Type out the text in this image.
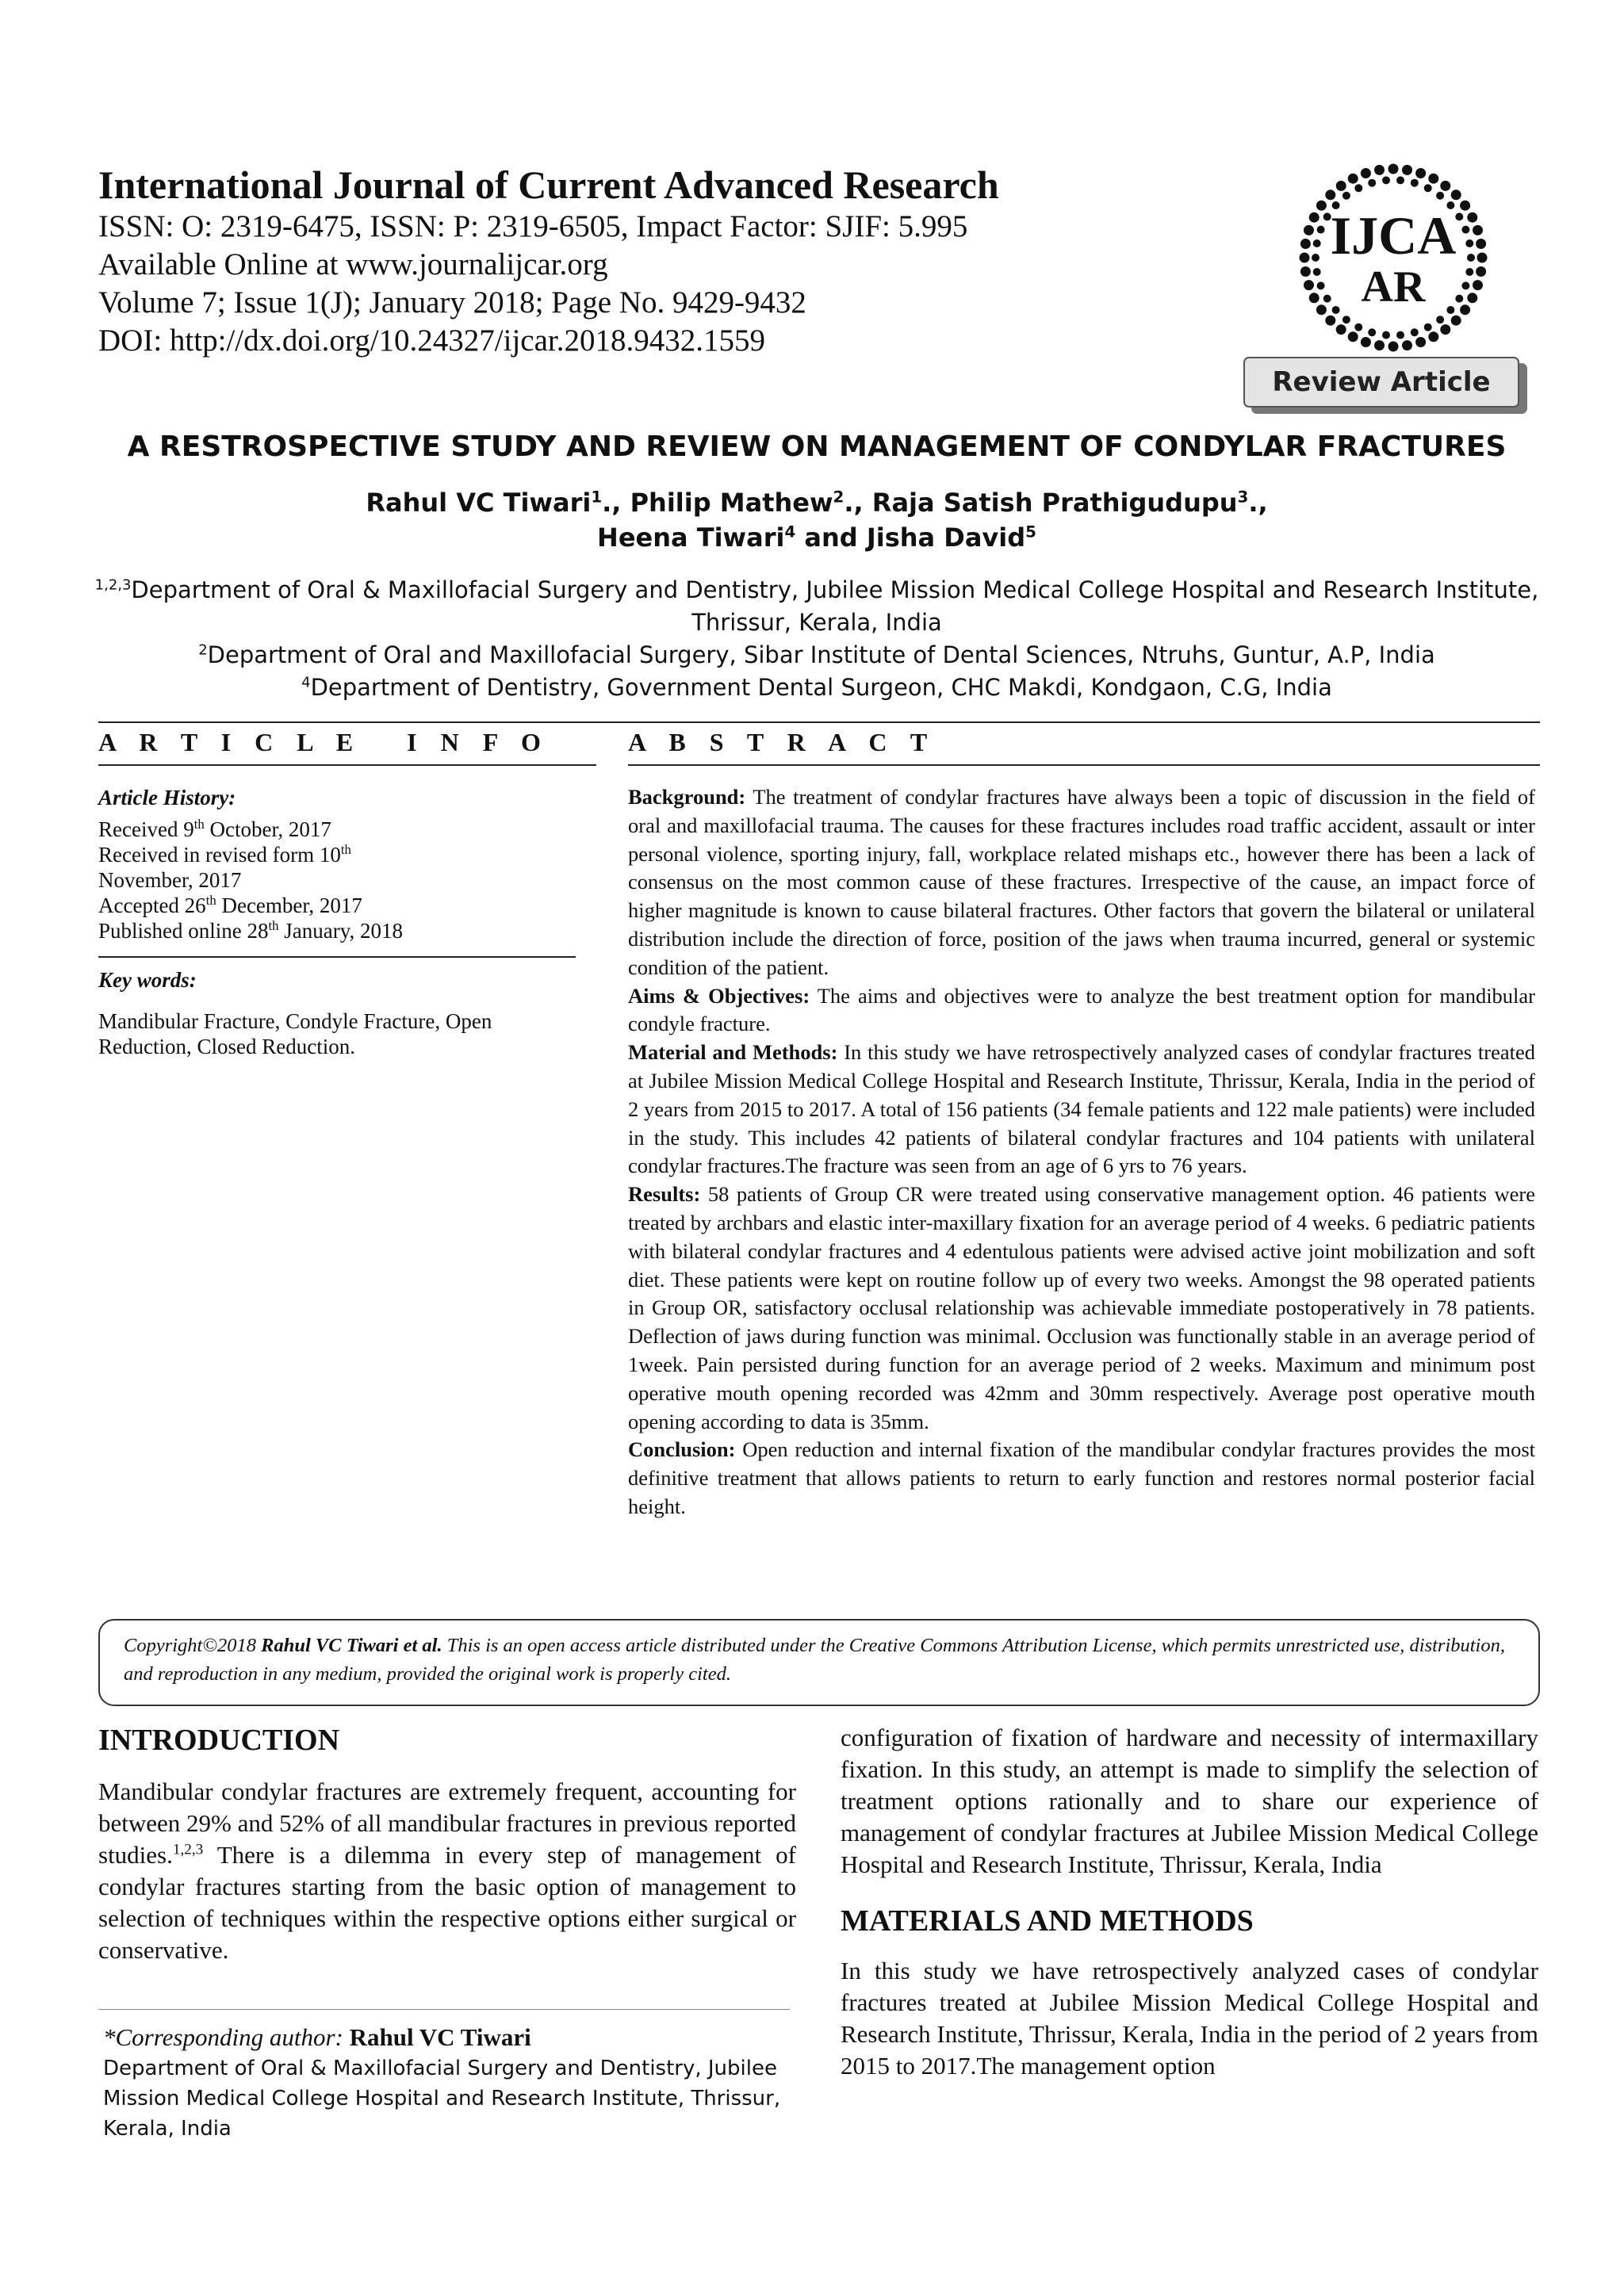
International Journal of Current Advanced Research
ISSN: O: 2319-6475, ISSN: P: 2319-6505, Impact Factor: SJIF: 5.995
Available Online at www.journalijcar.org
Volume 7; Issue 1(J); January 2018; Page No. 9429-9432
DOI: http://dx.doi.org/10.24327/ijcar.2018.9432.1559
IJCA
AR
Review Article
A RESTROSPECTIVE STUDY AND REVIEW ON MANAGEMENT OF CONDYLAR FRACTURES
Rahul VC Tiwari$^1$., Philip Mathew$^2$., Raja Satish Prathigudupu$^3$.,
Heena Tiwari$^4$ and Jisha David$^5$
$^{1,2,3}$Department of Oral & Maxillofacial Surgery and Dentistry, Jubilee Mission Medical College Hospital and Research Institute, Thrissur, Kerala, India
$^2$Department of Oral and Maxillofacial Surgery, Sibar Institute of Dental Sciences, Ntruhs, Guntur, A.P, India
$^4$Department of Dentistry, Government Dental Surgeon, CHC Makdi, Kondgaon, C.G, India
A R T I C L E   I N F O	A B S T R A C T
Article History:
Received 9th October, 2017
Received in revised form 10th
November, 2017
Accepted 26th December, 2017
Published online 28th January, 2018
Key words:
Mandibular Fracture, Condyle Fracture, Open Reduction, Closed Reduction.

Background: The treatment of condylar fractures have always been a topic of discussion in the field of oral and maxillofacial trauma. The causes for these fractures includes road traffic accident, assault or inter personal violence, sporting injury, fall, workplace related mishaps etc., however there has been a lack of consensus on the most common cause of these fractures. Irrespective of the cause, an impact force of higher magnitude is known to cause bilateral fractures. Other factors that govern the bilateral or unilateral distribution include the direction of force, position of the jaws when trauma incurred, general or systemic condition of the patient.

Aims & Objectives: The aims and objectives were to analyze the best treatment option for mandibular condyle fracture.

Material and Methods: In this study we have retrospectively analyzed cases of condylar fractures treated at Jubilee Mission Medical College Hospital and Research Institute, Thrissur, Kerala, India in the period of 2 years from 2015 to 2017. A total of 156 patients (34 female patients and 122 male patients) were included in the study. This includes 42 patients of bilateral condylar fractures and 104 patients with unilateral condylar fractures.The fracture was seen from an age of 6 yrs to 76 years.

Results: 58 patients of Group CR were treated using conservative management option. 46 patients were treated by archbars and elastic inter-maxillary fixation for an average period of 4 weeks. 6 pediatric patients with bilateral condylar fractures and 4 edentulous patients were advised active joint mobilization and soft diet. These patients were kept on routine follow up of every two weeks. Amongst the 98 operated patients in Group OR, satisfactory occlusal relationship was achievable immediate postoperatively in 78 patients. Deflection of jaws during function was minimal. Occlusion was functionally stable in an average period of 1week. Pain persisted during function for an average period of 2 weeks. Maximum and minimum post operative mouth opening recorded was 42mm and 30mm respectively. Average post operative mouth opening according to data is 35mm.

Conclusion: Open reduction and internal fixation of the mandibular condylar fractures provides the most definitive treatment that allows patients to return to early function and restores normal posterior facial height.

Copyright©2018 Rahul VC Tiwari et al. This is an open access article distributed under the Creative Commons Attribution License, which permits unrestricted use, distribution, and reproduction in any medium, provided the original work is properly cited.
INTRODUCTION
Mandibular condylar fractures are extremely frequent, accounting for between 29% and 52% of all mandibular fractures in previous reported studies.$^{1,2,3}$ There is a dilemma in every step of management of condylar fractures starting from the basic option of management to selection of techniques within the respective options either surgical or conservative.
*Corresponding author: Rahul VC Tiwari
Department of Oral & Maxillofacial Surgery and Dentistry, Jubilee Mission Medical College Hospital and Research Institute, Thrissur, Kerala, India
configuration of fixation of hardware and necessity of intermaxillary fixation. In this study, an attempt is made to simplify the selection of treatment options rationally and to share our experience of management of condylar fractures at Jubilee Mission Medical College Hospital and Research Institute, Thrissur, Kerala, India
MATERIALS AND METHODS
In this study we have retrospectively analyzed cases of condylar fractures treated at Jubilee Mission Medical College Hospital and Research Institute, Thrissur, Kerala, India in the period of 2 years from 2015 to 2017.The management option
